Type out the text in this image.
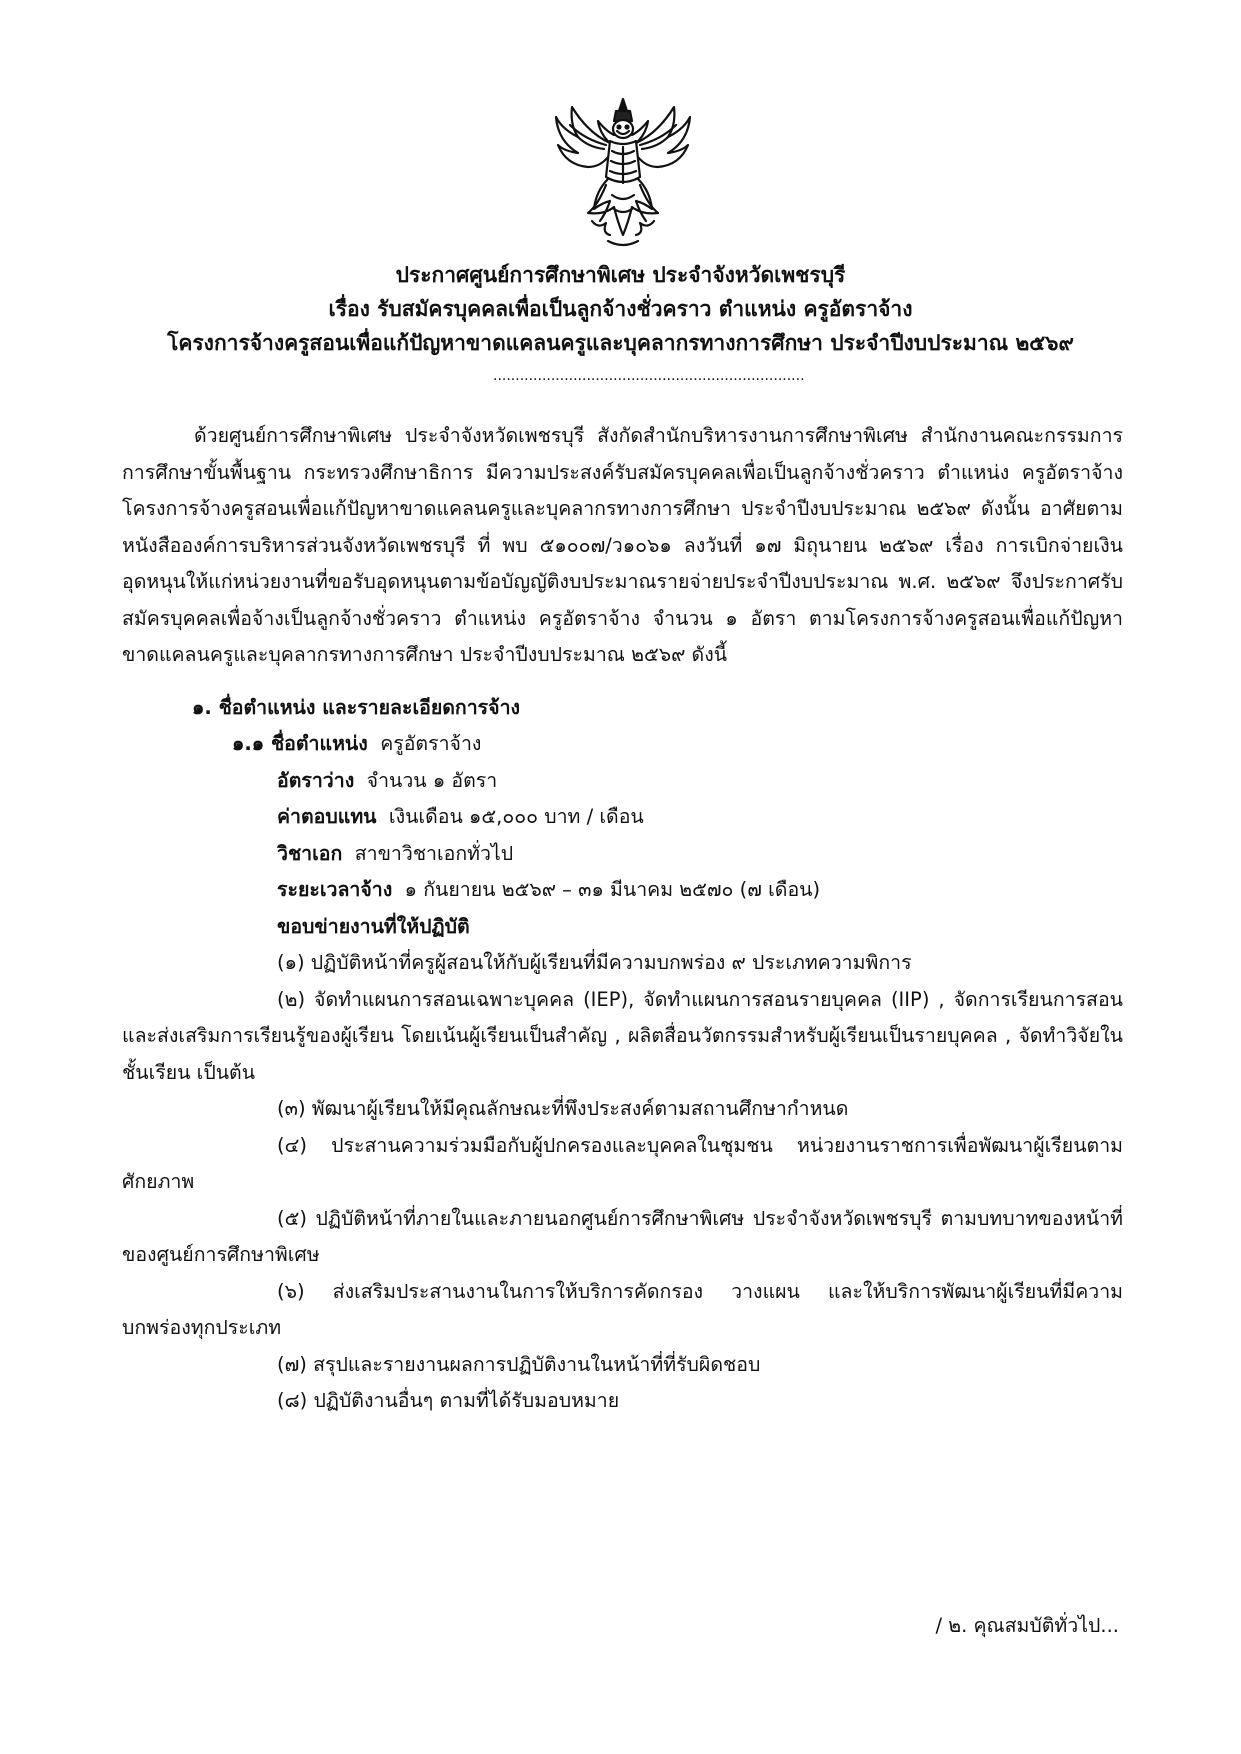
ประกาศศูนย์การศึกษาพิเศษ ประจำจังหวัดเพชรบุรี
เรื่อง รับสมัครบุคคลเพื่อเป็นลูกจ้างชั่วคราว ตำแหน่ง ครูอัตราจ้าง
โครงการจ้างครูสอนเพื่อแก้ปัญหาขาดแคลนครูและบุคลากรทางการศึกษา ประจำปีงบประมาณ ๒๕๖๙
......................................................................

ด้วยศูนย์การศึกษาพิเศษ ประจำจังหวัดเพชรบุรี สังกัดสำนักบริหารงานการศึกษาพิเศษ สำนักงานคณะกรรมการการศึกษาขั้นพื้นฐาน กระทรวงศึกษาธิการ มีความประสงค์รับสมัครบุคคลเพื่อเป็นลูกจ้างชั่วคราว ตำแหน่ง ครูอัตราจ้าง โครงการจ้างครูสอนเพื่อแก้ปัญหาขาดแคลนครูและบุคลากรทางการศึกษา ประจำปีงบประมาณ ๒๕๖๙ ดังนั้น อาศัยตามหนังสือองค์การบริหารส่วนจังหวัดเพชรบุรี ที่ พบ ๕๑๐๐๗/ว๑๐๖๑ ลงวันที่ ๑๗ มิถุนายน ๒๕๖๙ เรื่อง การเบิกจ่ายเงินอุดหนุนให้แก่หน่วยงานที่ขอรับอุดหนุนตามข้อบัญญัติงบประมาณรายจ่ายประจำปีงบประมาณ พ.ศ. ๒๕๖๙ จึงประกาศรับสมัครบุคคลเพื่อจ้างเป็นลูกจ้างชั่วคราว ตำแหน่ง ครูอัตราจ้าง จำนวน ๑ อัตรา ตามโครงการจ้างครูสอนเพื่อแก้ปัญหาขาดแคลนครูและบุคลากรทางการศึกษา ประจำปีงบประมาณ ๒๕๖๙ ดังนี้

๑. ชื่อตำแหน่ง และรายละเอียดการจ้าง

๑.๑ ชื่อตำแหน่ง ครูอัตราจ้าง

อัตราว่าง จำนวน ๑ อัตรา

ค่าตอบแทน เงินเดือน ๑๕,๐๐๐ บาท / เดือน

วิชาเอก สาขาวิชาเอกทั่วไป

ระยะเวลาจ้าง ๑ กันยายน ๒๕๖๙ – ๓๑ มีนาคม ๒๕๗๐ (๗ เดือน)

ขอบข่ายงานที่ให้ปฏิบัติ

(๑) ปฏิบัติหน้าที่ครูผู้สอนให้กับผู้เรียนที่มีความบกพร่อง ๙ ประเภทความพิการ

(๒) จัดทำแผนการสอนเฉพาะบุคคล (IEP), จัดทำแผนการสอนรายบุคคล (IIP) , จัดการเรียนการสอนและส่งเสริมการเรียนรู้ของผู้เรียน โดยเน้นผู้เรียนเป็นสำคัญ , ผลิตสื่อนวัตกรรมสำหรับผู้เรียนเป็นรายบุคคล , จัดทำวิจัยในชั้นเรียน เป็นต้น

(๓) พัฒนาผู้เรียนให้มีคุณลักษณะที่พึงประสงค์ตามสถานศึกษากำหนด

(๔) ประสานความร่วมมือกับผู้ปกครองและบุคคลในชุมชน หน่วยงานราชการเพื่อพัฒนาผู้เรียนตามศักยภาพ

(๕) ปฏิบัติหน้าที่ภายในและภายนอกศูนย์การศึกษาพิเศษ ประจำจังหวัดเพชรบุรี ตามบทบาทของหน้าที่ของศูนย์การศึกษาพิเศษ

(๖) ส่งเสริมประสานงานในการให้บริการคัดกรอง วางแผน และให้บริการพัฒนาผู้เรียนที่มีความบกพร่องทุกประเภท

(๗) สรุปและรายงานผลการปฏิบัติงานในหน้าที่ที่รับผิดชอบ

(๘) ปฏิบัติงานอื่นๆ ตามที่ได้รับมอบหมาย

/ ๒. คุณสมบัติทั่วไป...
